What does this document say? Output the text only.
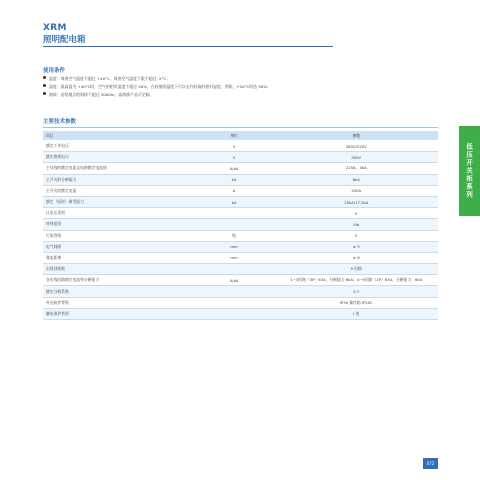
XRM
照明配电箱
使用条件
温度：周围空气温度不超过 +40°C，周围空气温度下限不超过 -5°C；
湿度：最高温为 +40°C时，空气的相对湿度不超过 50%，在较低的温度下可以允许较高的相对湿度，例如，+20°C时达 90%；
海拔：安装地点的海拔不超过 2000m，高海拔产品可定制。
主要技术参数
项目	单位	参数
额定工作电压	V	380V/220V
额定绝缘电压	V	500V
主母线的额定电流及电路额定电流值	A/kA	225A、4kA
主开关的分断能力	kA	6kA
主开关的额定电流	A	200A
额定（短时）耐受能力	kA	15kA/17.5kA
过电压类别		II
材料组别		IIIa
污染等级	级	2
电气间隙	mm	≥ 3
爬电距离	mm	≥ 6
出线回路数		9 回路
各出线回路额定电流和分断能力	A/kA	1~3回路（3P）63A，分断能力 6kA；4~9回路（1P）63A，分断能力：6kA
额定分散系数		0.7
外壳防护等级		IP30 操作箱 IP2XC
触电保护类别		I 类
低压开关柜系列
072
